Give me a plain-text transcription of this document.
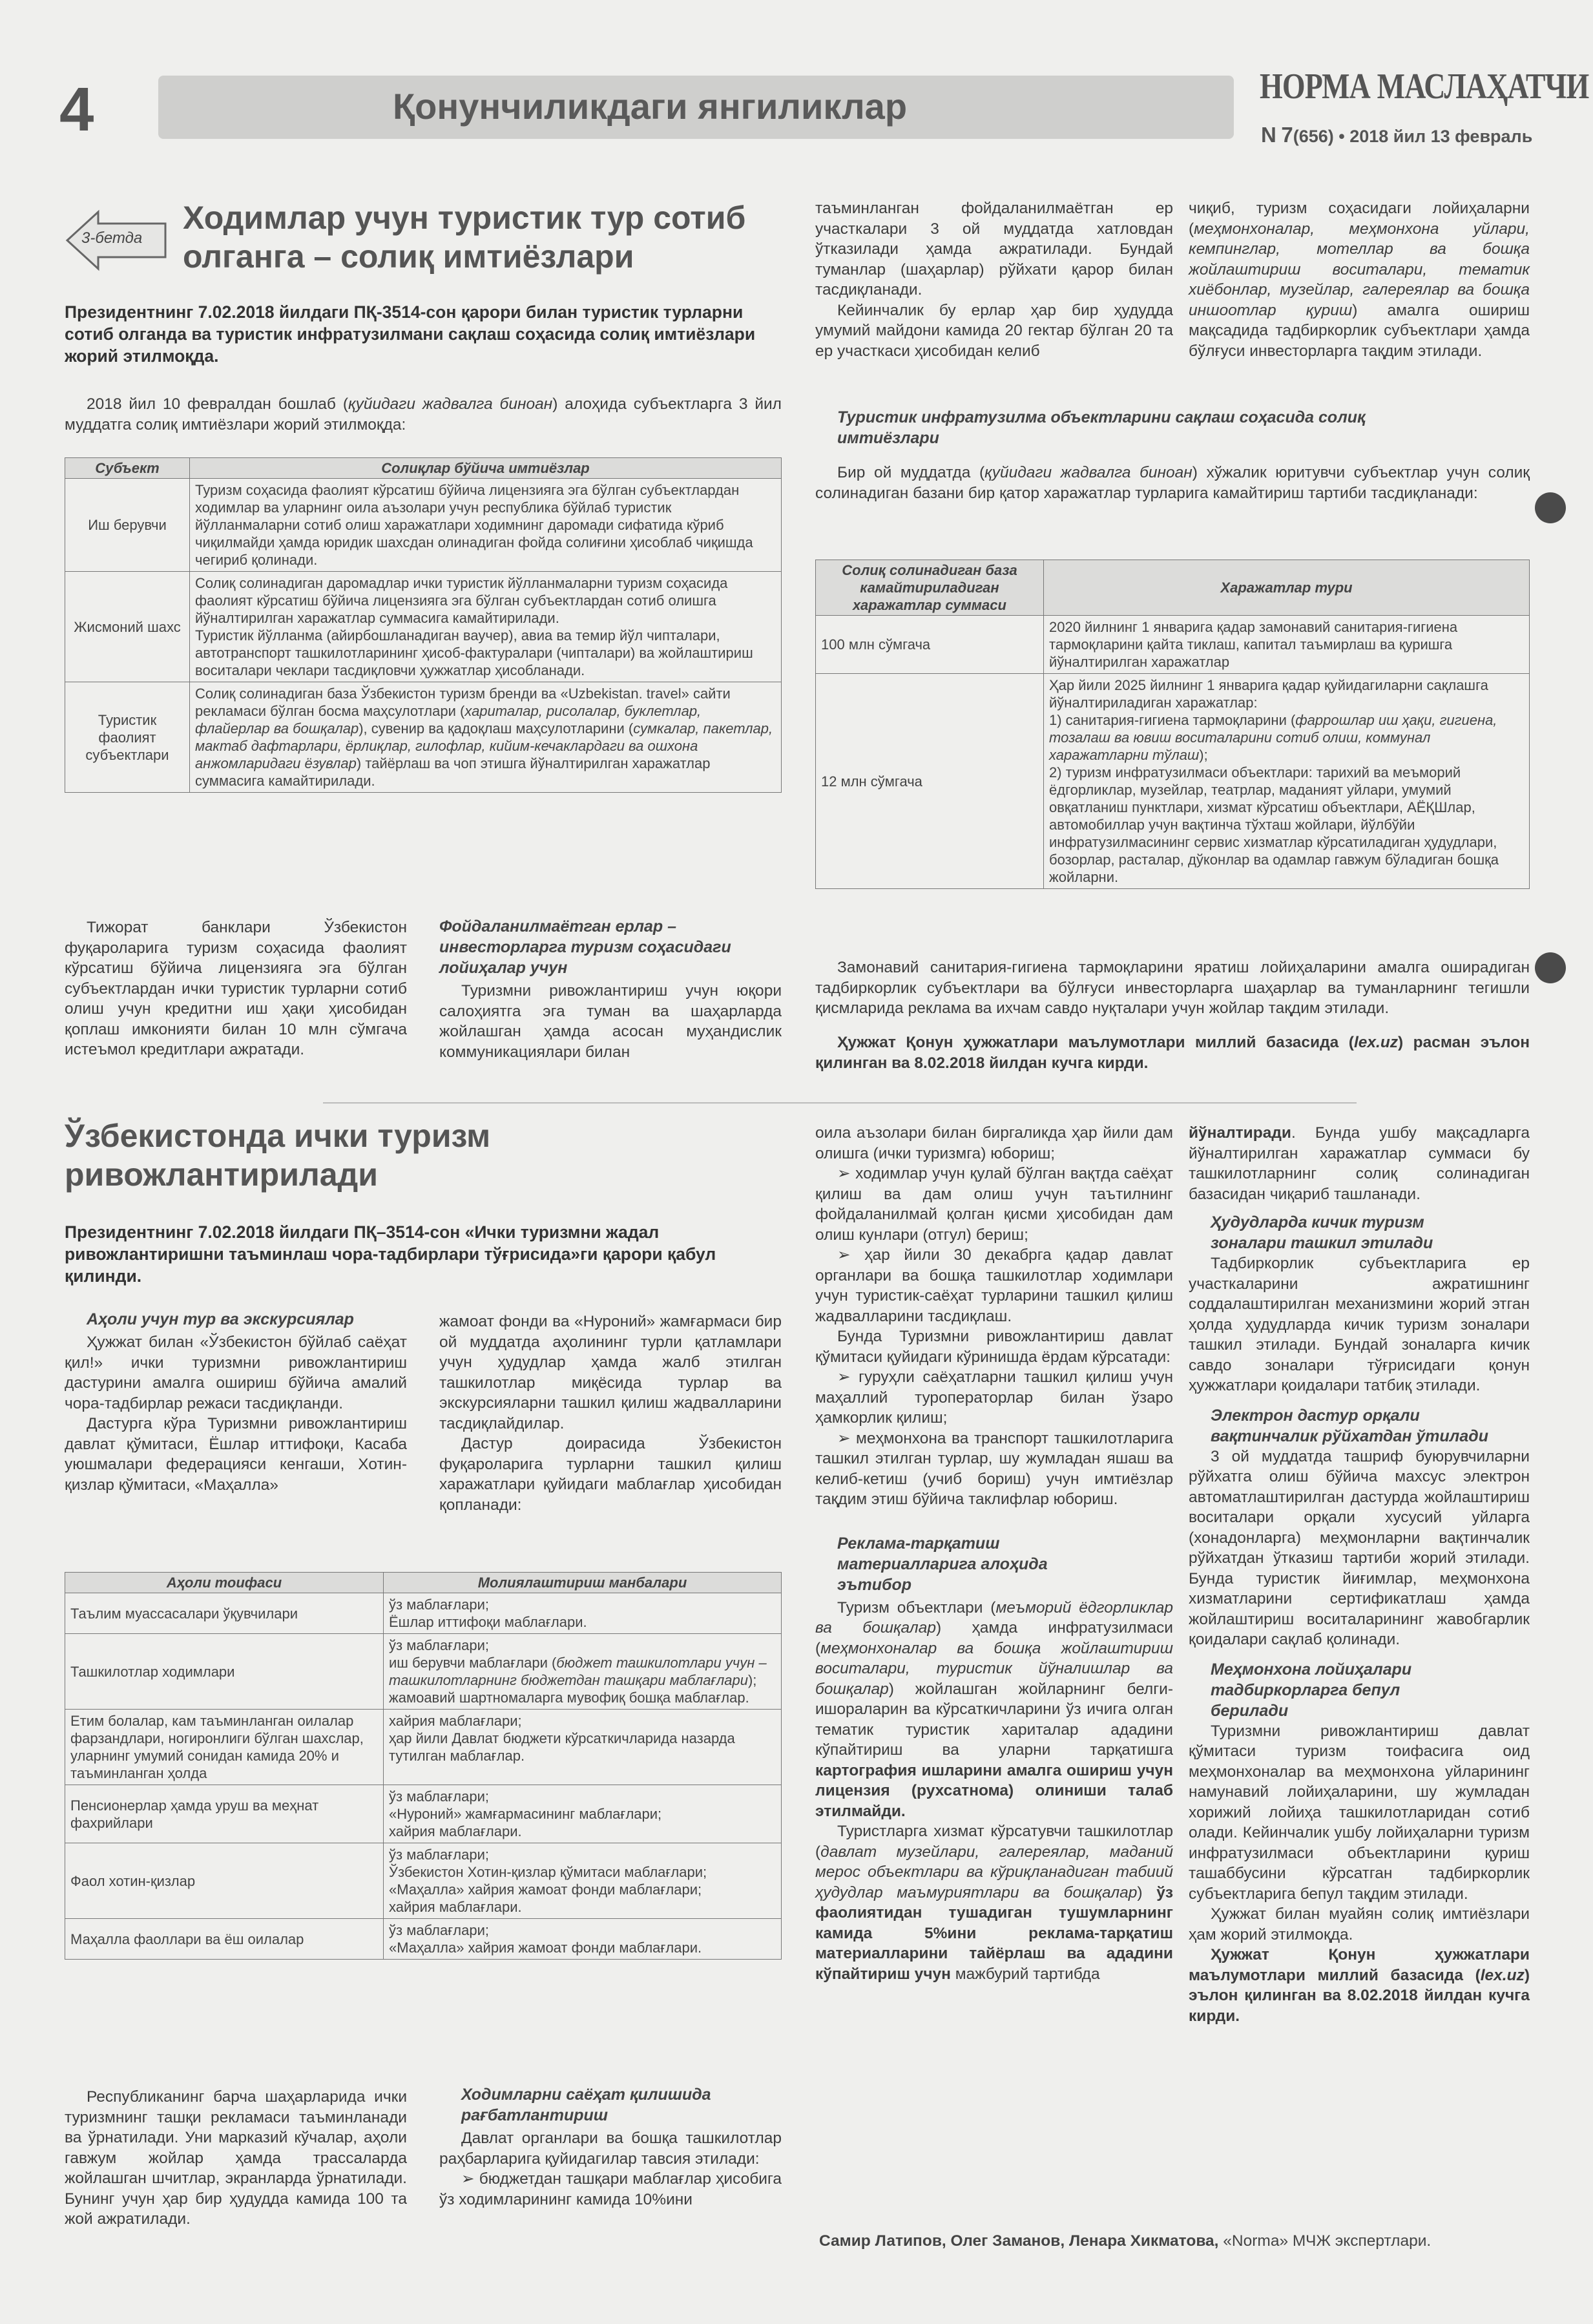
4	Қонунчиликдаги янгиликлар	НОРМА МАСЛАҲАТЧИ
N 7(656) • 2018 йил 13 февраль
3-бетда
Ходимлар учун туристик тур сотиб олганга – солиқ имтиёзлари

Президентнинг 7.02.2018 йилдаги ПҚ-3514-сон қарори билан туристик турларни сотиб олганда ва туристик инфратузилмани сақлаш соҳасида солиқ имтиёзлари жорий этилмоқда.

2018 йил 10 февралдан бошлаб (қуйидаги жадвалга биноан) алоҳида субъектларга 3 йил муддатга солиқ имтиёзлари жорий этилмоқда:

Субъект	Солиқлар бўйича имтиёзлар
Иш берувчи	Туризм соҳасида фаолият кўрсатиш бўйича лицензияга эга бўлган субъектлардан ходимлар ва уларнинг оила аъзолари учун республика бўйлаб туристик йўлланмаларни сотиб олиш харажатлари ходимнинг даромади сифатида кўриб чиқилмайди ҳамда юридик шахсдан олинадиган фойда солиғини ҳисоблаб чиқишда чегириб қолинади.
Жисмоний шахс	Солиқ солинадиган даромадлар ички туристик йўлланмаларни туризм соҳасида фаолият кўрсатиш бўйича лицензияга эга бўлган субъектлардан сотиб олишга йўналтирилган харажатлар суммасига камайтирилади.
Туристик йўлланма (айирбошланадиган ваучер), авиа ва темир йўл чипталари, автотранспорт ташкилотларининг ҳисоб-фактуралари (чипталари) ва жойлаштириш воситалари чеклари тасдиқловчи ҳужжатлар ҳисобланади.

Туристик фаолият субъектлари	Солиқ солинадиган база Ўзбекистон туризм бренди ва «Uzbekistan. travel» сайти рекламаси бўлган босма маҳсулотлари (хариталар, рисолалар, буклетлар, флайерлар ва бошқалар), сувенир ва қадоқлаш маҳсулотларини (сумкалар, пакетлар, мактаб дафтарлари, ёрлиқлар, гилофлар, кийим-кечаклардаги ва ошхона анжомларидаги ёзувлар) тайёрлаш ва чоп этишга йўналтирилган харажатлар суммасига камайтирилади.

Тижорат банклари Ўзбекистон фуқароларига туризм соҳасида фаолият кўрсатиш бўйича лицензияга эга бўлган субъектлардан ички туристик турларни сотиб олиш учун кредитни иш ҳақи ҳисобидан қоплаш имконияти билан 10 млн сўмгача истеъмол кредитлари ажратади.

Фойдаланилмаётган ерлар – инвесторларга туризм соҳасидаги лойиҳалар учун

Туризмни ривожлантириш учун юқори салоҳиятга эга туман ва шаҳарларда жойлашган ҳамда асосан муҳандислик коммуникациялари билан

таъминланган фойдаланилмаётган ер участкалари 3 ой муддатда хатловдан ўтказилади ҳамда ажратилади. Бундай туманлар (шаҳарлар) рўйхати қарор билан тасдиқланади.

Кейинчалик бу ерлар ҳар бир ҳудудда умумий майдони камида 20 гектар бўлган 20 та ер участкаси ҳисобидан келиб

чиқиб, туризм соҳасидаги лойиҳаларни (меҳмонхоналар, меҳмонхона уйлари, кемпинглар, мотеллар ва бошқа жойлаштириш воситалари, тематик хиёбонлар, музейлар, галереялар ва бошқа иншоотлар қуриш) амалга ошириш мақсадида тадбиркорлик субъектлари ҳамда бўлғуси инвесторларга тақдим этилади.

Туристик инфратузилма объектларини сақлаш соҳасида солиқ имтиёзлари

Бир ой муддатда (қуйидаги жадвалга биноан) хўжалик юритувчи субъектлар учун солиқ солинадиган базани бир қатор харажатлар турларига камайтириш тартиби тасдиқланади:

Солиқ солинадиган база камайтириладиган харажатлар суммаси	Харажатлар тури
100 млн сўмгача	2020 йилнинг 1 январига қадар замонавий санитария-гигиена тармоқларини қайта тиклаш, капитал таъмирлаш ва қуришга йўналтирилган харажатлар
12 млн сўмгача	Ҳар йили 2025 йилнинг 1 январига қадар қуйидагиларни сақлашга йўналтириладиган харажатлар:
1) санитария-гигиена тармоқларини (фаррошлар иш ҳақи, гигиена, тозалаш ва ювиш воситаларини сотиб олиш, коммунал харажатларни тўлаш);
2) туризм инфратузилмаси объектлари: тарихий ва меъморий ёдгорликлар, музейлар, театрлар, маданият уйлари, умумий овқатланиш пунктлари, хизмат кўрсатиш объектлари, АЁҚШлар, автомобиллар учун вақтинча тўхташ жойлари, йўлбўйи инфратузилмасининг сервис хизматлар кўрсатиладиган ҳудудлари, бозорлар, растaлар, дўконлар ва одамлар гавжум бўладиган бошқа жойларни.

Замонавий санитария-гигиена тармоқларини яратиш лойиҳаларини амалга оширадиган тадбиркорлик субъектлари ва бўлғуси инвесторларга шаҳарлар ва туманларнинг тегишли қисмларида реклама ва ихчам савдо нуқталари учун жойлар тақдим этилади.

Ҳужжат Қонун ҳужжатлари маълумотлари миллий базасида (lex.uz) расман эълон қилинган ва 8.02.2018 йилдан кучга кирди.

Ўзбекистонда ички туризм ривожлантирилади

Президентнинг 7.02.2018 йилдаги ПҚ–3514-сон «Ички туризмни жадал ривожлантиришни таъминлаш чора-тадбирлари тўғрисида»ги қарори қабул қилинди.

Аҳоли учун тур ва экскурсиялар

Ҳужжат билан «Ўзбекистон бўйлаб саёҳат қил!» ички туризмни ривожлантириш дастурини амалга ошириш бўйича амалий чора-тадбирлар режаси тасдиқланди.

Дастурга кўра Туризмни ривожлантириш давлат қўмитаси, Ёшлар иттифоқи, Касаба уюшмалари федерацияси кенгаши, Хотин-қизлар қўмитаси, «Маҳалла»

жамоат фонди ва «Нуроний» жамғармаси бир ой муддатда аҳолининг турли қатламлари учун ҳудудлар ҳамда жалб этилган ташкилотлар миқёсида турлар ва экскурсияларни ташкил қилиш жадвалларини тасдиқлайдилар.

Дастур доирасида Ўзбекистон фуқароларига турларни ташкил қилиш харажатлари қуйидаги маблағлар ҳисобидан қопланади:

Аҳоли тоифаси	Молиялаштириш манбалари
Таълим муассасалари ўқувчилари	ўз маблағлари;
Ёшлар иттифоқи маблағлари.

Ташкилотлар ходимлари	ўз маблағлари;
иш берувчи маблағлари (бюджет ташкилотлари учун – ташкилотларнинг бюджетдан ташқари маблағлари);
жамоавий шартномаларга мувофиқ бошқа маблағлар.

Етим болалар, кам таъминланган оилалар фарзандлари, ногиронлиги бўлган шахслар, уларнинг умумий сонидан камида 20% и таъминланган ҳолда	хайрия маблағлари;
ҳар йили Давлат бюджети кўрсаткичларида назарда тутилган маблағлар.

Пенсионерлар ҳамда уруш ва меҳнат фахрийлари	ўз маблағлари;
«Нуроний» жамғармасининг маблағлари;
хайрия маблағлари.

Фаол хотин-қизлар	ўз маблағлари;
Ўзбекистон Хотин-қизлар қўмитаси маблағлари;
«Маҳалла» хайрия жамоат фонди маблағлари;
хайрия маблағлари.

Маҳалла фаоллари ва ёш оилалар	ўз маблағлари;
«Маҳалла» хайрия жамоат фонди маблағлари.

Республиканинг барча шаҳарларида ички туризмнинг ташқи рекламаси таъминланади ва ўрнатилади. Уни марказий кўчалар, аҳоли гавжум жойлар ҳамда трассаларда жойлашган шчитлар, экранларда ўрнатилади. Бунинг учун ҳар бир ҳудудда камида 100 та жой ажратилади.

Ходимларни саёҳат қилишида рағбатлантириш

Давлат органлари ва бошқа ташкилотлар раҳбарларига қуйидагилар тавсия этилади:

➢ бюджетдан ташқари маблағлар ҳисобига ўз ходимларининг камида 10%ини

оила аъзолари билан биргаликда ҳар йили дам олишга (ички туризмга) юбориш;

➢ ходимлар учун қулай бўлган вақтда саёҳат қилиш ва дам олиш учун таътилнинг фойдаланилмай қолган қисми ҳисобидан дам олиш кунлари (отгул) бериш;

➢ ҳар йили 30 декабрга қадар давлат органлари ва бошқа ташкилотлар ходимлари учун туристик-саёҳат турларини ташкил қилиш жадвалларини тасдиқлаш.

Бунда Туризмни ривожлантириш давлат қўмитаси қуйидаги кўринишда ёрдам кўрсатади:

➢ гуруҳли саёҳатларни ташкил қилиш учун маҳаллий туроператорлар билан ўзаро ҳамкорлик қилиш;

➢ меҳмонхона ва транспорт ташкилотларига ташкил этилган турлар, шу жумладан яшаш ва келиб-кетиш (учиб бориш) учун имтиёзлар тақдим этиш бўйича таклифлар юбориш.

Реклама-тарқатиш материалларига алоҳида эътибор

Туризм объектлари (меъморий ёдгорликлар ва бошқалар) ҳамда инфратузилмаси (меҳмонхоналар ва бошқа жойлаштириш воситалари, туристик йўналишлар ва бошқалар) жойлашган жойларнинг белги-ишораларин ва кўрсаткичларини ўз ичига олган тематик туристик хариталар ададини кўпайтириш ва уларни тарқатишга картография ишларини амалга ошириш учун лицензия (рухсатнома) олиниши талаб этилмайди.

Туристларга хизмат кўрсатувчи ташкилотлар (давлат музейлари, галереялар, маданий мерос объектлари ва кўриқланадиган табиий ҳудудлар маъмуриятлари ва бошқалар) ўз фаолиятидан тушадиган тушумларнинг камида 5%ини реклама-тарқатиш материалларини тайёрлаш ва ададини кўпайтириш учун мажбурий тартибда

йўналтиради. Бунда ушбу мақсадларга йўналтирилган харажатлар суммаси бу ташкилотларнинг солиқ солинадиган базасидан чиқариб ташланади.

Ҳудудларда кичик туризм зоналари ташкил этилади

Тадбиркорлик субъектларига ер участкаларини ажратишнинг соддалаштирилган механизмини жорий этган ҳолда ҳудудларда кичик туризм зоналари ташкил этилади. Бундай зоналарга кичик савдо зоналари тўғрисидаги қонун ҳужжатлари қоидалари татбиқ этилади.

Электрон дастур орқали вақтинчалик рўйхатдан ўтилади

3 ой муддатда ташриф буюрувчиларни рўйхатга олиш бўйича махсус электрон автоматлаштирилган дастурда жойлаштириш воситалари орқали хусусий уйларга (хонадонларга) меҳмонларни вақтинчалик рўйхатдан ўтказиш тартиби жорий этилади. Бунда туристик йиғимлар, меҳмонхона хизматларини сертификатлаш ҳамда жойлаштириш воситаларининг жавобгарлик қоидалари сақлаб қолинади.

Меҳмонхона лойиҳалари тадбиркорларга бепул берилади

Туризмни ривожлантириш давлат қўмитаси туризм тоифасига оид меҳмонхоналар ва меҳмонхона уйларининг намунавий лойиҳаларини, шу жумладан хорижий лойиҳа ташкилотларидан сотиб олади. Кейинчалик ушбу лойиҳаларни туризм инфратузилмаси объектларини қуриш ташаббусини кўрсатган тадбиркорлик субъектларига бепул тақдим этилади.

Ҳужжат билан муайян солиқ имтиёзлари ҳам жорий этилмоқда.

Ҳужжат Қонун ҳужжатлари маълумотлари миллий базасида (lex.uz) эълон қилинган ва 8.02.2018 йилдан кучга кирди.

Самир Латипов, Олег Заманов, Ленара Хикматова, «Norma» МЧЖ экспертлари.
